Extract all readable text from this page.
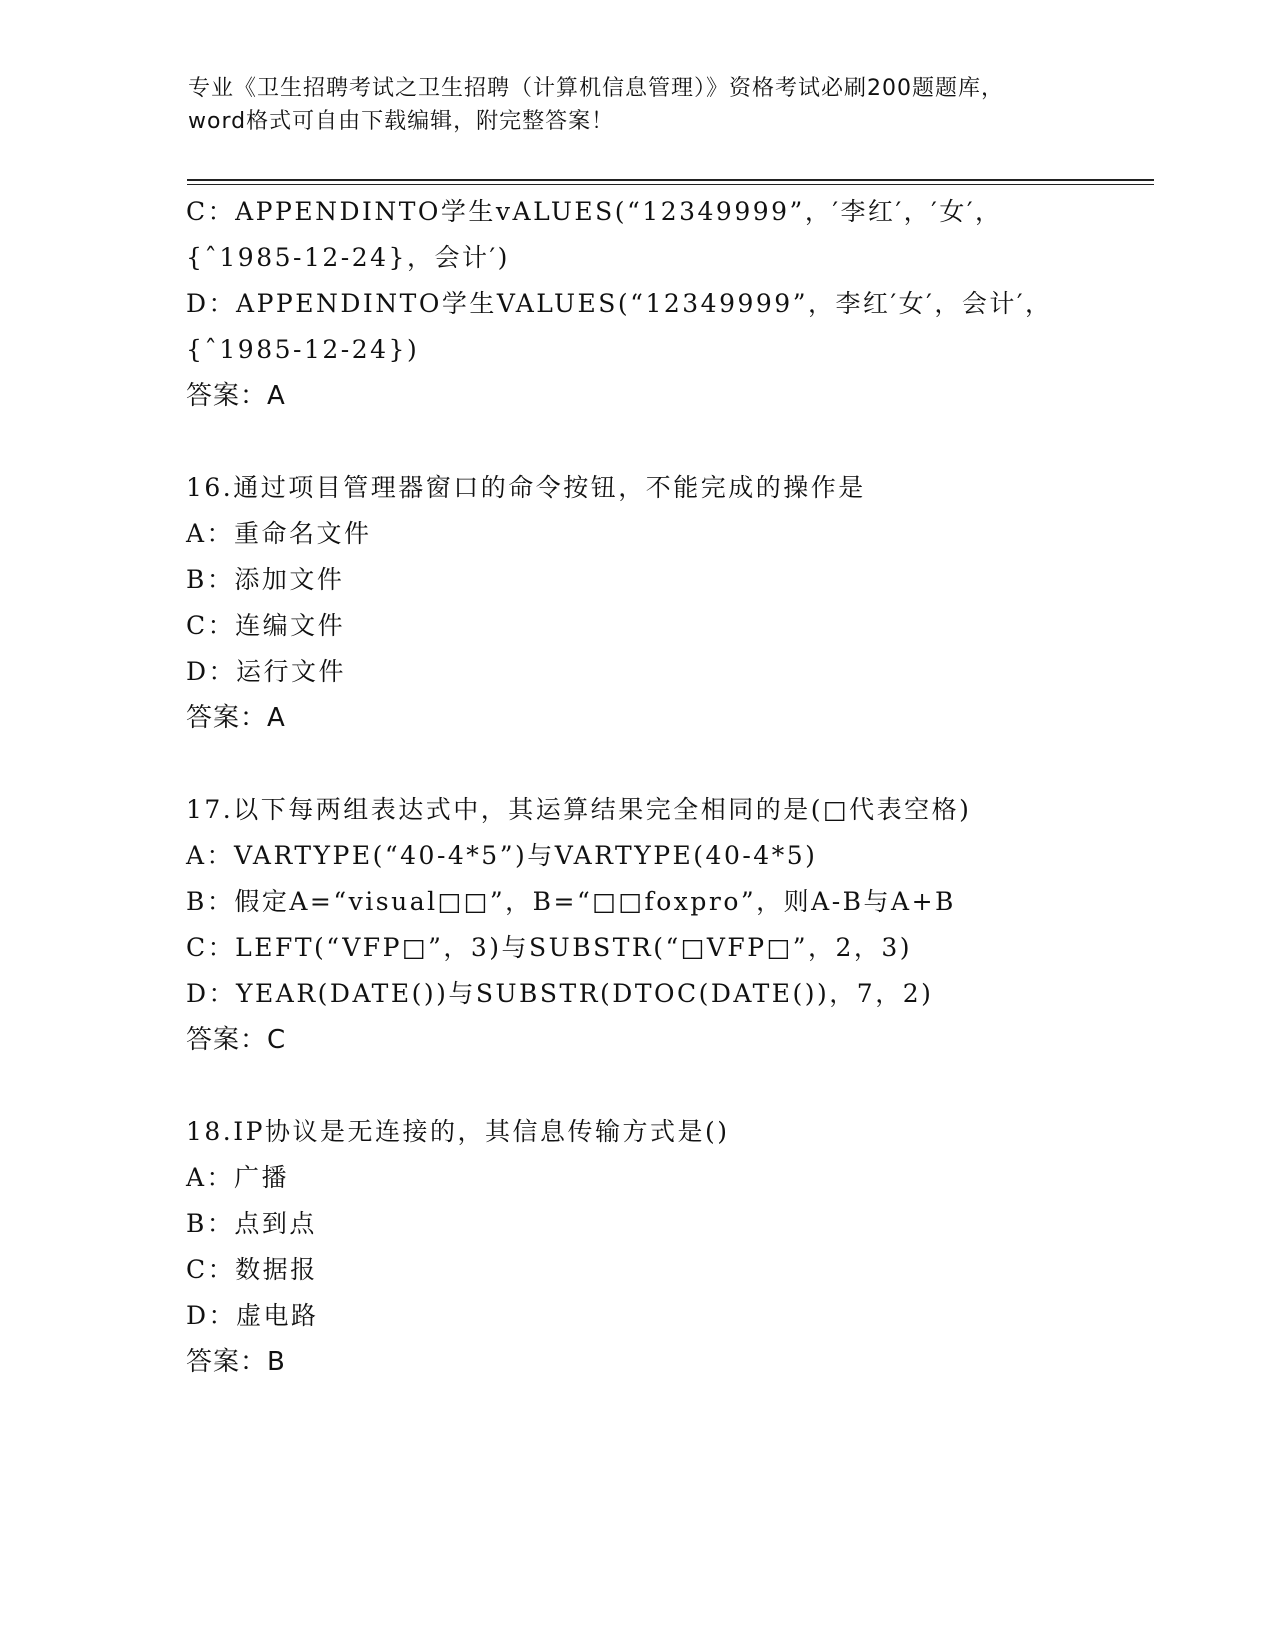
专业《卫生招聘考试之卫生招聘（计算机信息管理）》资格考试必刷200题题库，
word格式可自由下载编辑，附完整答案！
C：APPENDINTO学生vALUES(“12349999”，′李红′，′女′，
{ˆ1985-12-24}，会计′)
D：APPENDINTO学生VALUES(“12349999”，李红′女′，会计′，
{ˆ1985-12-24})
答案：A
16.通过项目管理器窗口的命令按钮，不能完成的操作是
A：重命名文件
B：添加文件
C：连编文件
D：运行文件
答案：A
17.以下每两组表达式中，其运算结果完全相同的是(□代表空格)
A：VARTYPE(“40-4*5”)与VARTYPE(40-4*5)
B：假定A=“visual□□”，B=“□□foxpro”，则A-B与A+B
C：LEFT(“VFP□”，3)与SUBSTR(“□VFP□”，2，3)
D：YEAR(DATE())与SUBSTR(DTOC(DATE())，7，2)
答案：C
18.IP协议是无连接的，其信息传输方式是()
A：广播
B：点到点
C：数据报
D：虚电路
答案：B
